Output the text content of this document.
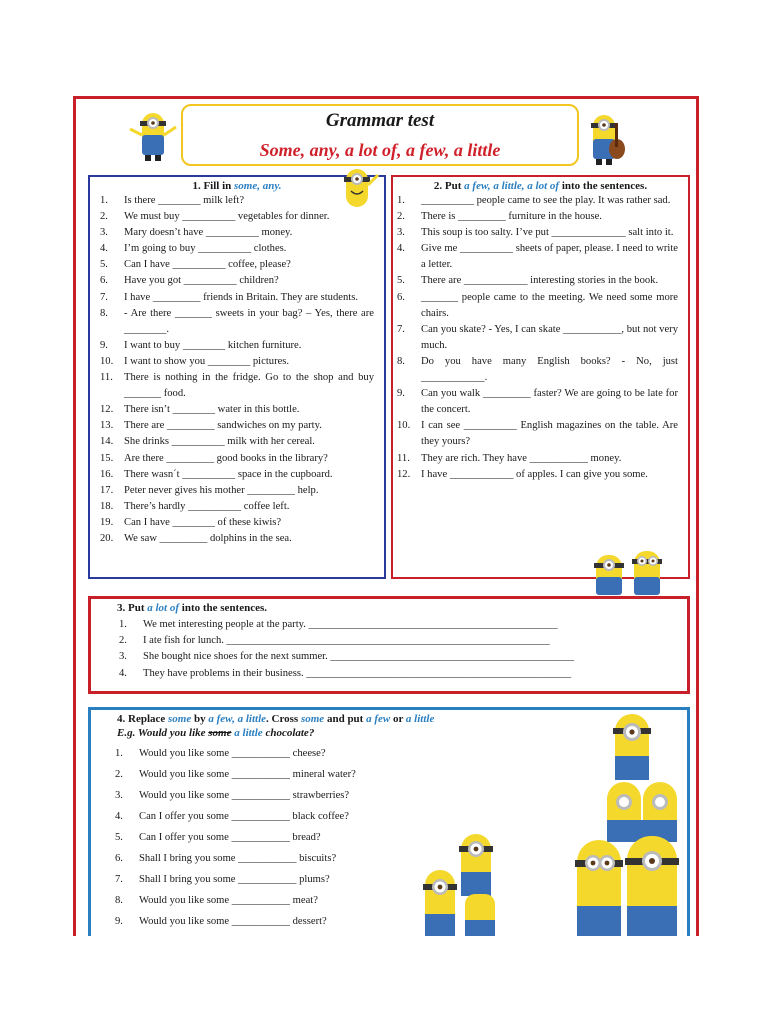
Grammar test
Some, any, a lot of, a few, a little
1. Fill in some, any.
1.	Is there ________ milk left?
2.	We must buy __________ vegetables for dinner.
3.	Mary doesn’t have __________ money.
4.	I’m going to buy __________ clothes.
5.	Can I have __________ coffee, please?
6.	Have you got __________ children?
7.	I have _________ friends in Britain. They are students.
8.	- Are there _______ sweets in your bag? – Yes, there are ________.
9.	I want to buy ________ kitchen furniture.
10.	I want to show you ________ pictures.
11.	There is nothing in the fridge. Go to the shop and buy _______ food.
12.	There isn’t ________ water in this bottle.
13.	There are _________ sandwiches on my party.
14.	She drinks __________ milk with her cereal.
15.	Are there _________ good books in the library?
16.	There wasn´t __________ space in the cupboard.
17.	Peter never gives his mother _________ help.
18.	There’s hardly __________ coffee left.
19.	Can I have ________ of these kiwis?
20.	We saw _________ dolphins in the sea.
2. Put a few, a little, a lot of into the sentences.
1.	__________ people came to see the play. It was rather sad.
2.	There is _________ furniture in the house.
3.	This soup is too salty. I’ve put ______________ salt into it.
4.	Give me __________ sheets of paper, please. I need to write a letter.
5.	There are ____________ interesting stories in the book.
6.	_______ people came to the meeting. We need some more chairs.
7.	Can you skate? - Yes, I can skate ___________, but not very much.
8.	Do you have many English books? - No, just ____________.
9.	Can you walk _________ faster? We are going to be late for the concert.
10.	I can see __________ English magazines on the table. Are they yours?
11.	They are rich. They have ___________ money.
12.	I have ____________ of apples. I can give you some.
3. Put a lot of into the sentences.
1.	We met interesting people at the party. _______________________________________________
2.	I ate fish for lunch. _____________________________________________________________
3.	She bought nice shoes for the next summer. ______________________________________________
4.	They have problems in their business. __________________________________________________
4. Replace some by a few, a little. Cross some and put a few or a little
E.g. Would you like some a little chocolate?
1.	Would you like some ___________ cheese?
2.	Would you like some ___________ mineral water?
3.	Would you like some ___________ strawberries?
4.	Can I offer you some ___________ black coffee?
5.	Can I offer you some ___________ bread?
6.	Shall I bring you some ___________ biscuits?
7.	Shall I bring you some ___________ plums?
8.	Would you like some ___________ meat?
9.	Would you like some ___________ dessert?
